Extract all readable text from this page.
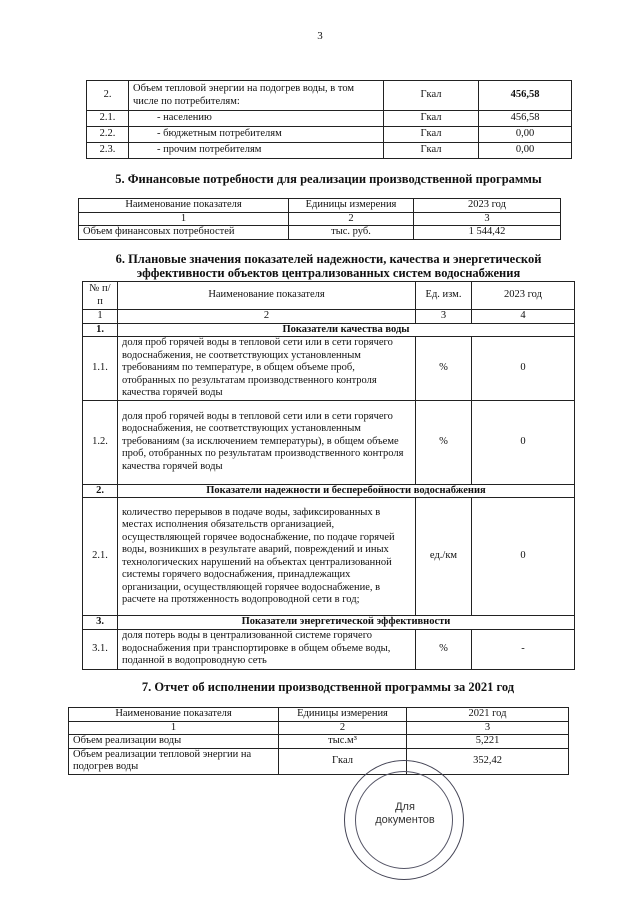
3
2.	Объем тепловой энергии на подогрев воды, в том числе по потребителям:	Гкал	456,58
2.1.	- населению	Гкал	456,58
2.2.	- бюджетным потребителям	Гкал	0,00
2.3.	- прочим потребителям	Гкал	0,00
5. Финансовые потребности для реализации производственной программы
Наименование показателя	Единицы измерения	2023 год
1	2	3
Объем финансовых потребностей	тыс. руб.	1 544,42
6. Плановые значения показателей надежности, качества и энергетической
эффективности объектов централизованных систем водоснабжения
№ п/п	Наименование показателя	Ед. изм.	2023 год
1	2	3	4
1.	Показатели качества воды		
1.1.	доля проб горячей воды в тепловой сети или в сети горячего водоснабжения, не соответствующих установленным требованиям по температуре, в общем объеме проб, отобранных по результатам производственного контроля качества горячей воды	%	0
1.2.	доля проб горячей воды в тепловой сети или в сети горячего водоснабжения, не соответствующих установленным требованиям (за исключением температуры), в общем объеме проб, отобранных по результатам производственного контроля качества горячей воды	%	0
2.	Показатели надежности и бесперебойности водоснабжения		
2.1.	количество перерывов в подаче воды, зафиксированных в местах исполнения обязательств организацией, осуществляющей горячее водоснабжение, по подаче горячей воды, возникших в результате аварий, повреждений и иных технологических нарушений на объектах централизованной системы горячего водоснабжения, принадлежащих организации, осуществляющей горячее водоснабжение, в расчете на протяженность водопроводной сети в год;	ед./км	0
3.	Показатели энергетической эффективности		
3.1.	доля потерь воды в централизованной системе горячего водоснабжения при транспортировке в общем объеме воды, поданной в водопроводную сеть	%	-
7. Отчет об исполнении производственной программы за 2021 год
Наименование показателя	Единицы измерения	2021 год
1	2	3
Объем реализации воды	тыс.м³	5,221
Объем реализации тепловой энергии на подогрев воды	Гкал	352,42
Для
документов
